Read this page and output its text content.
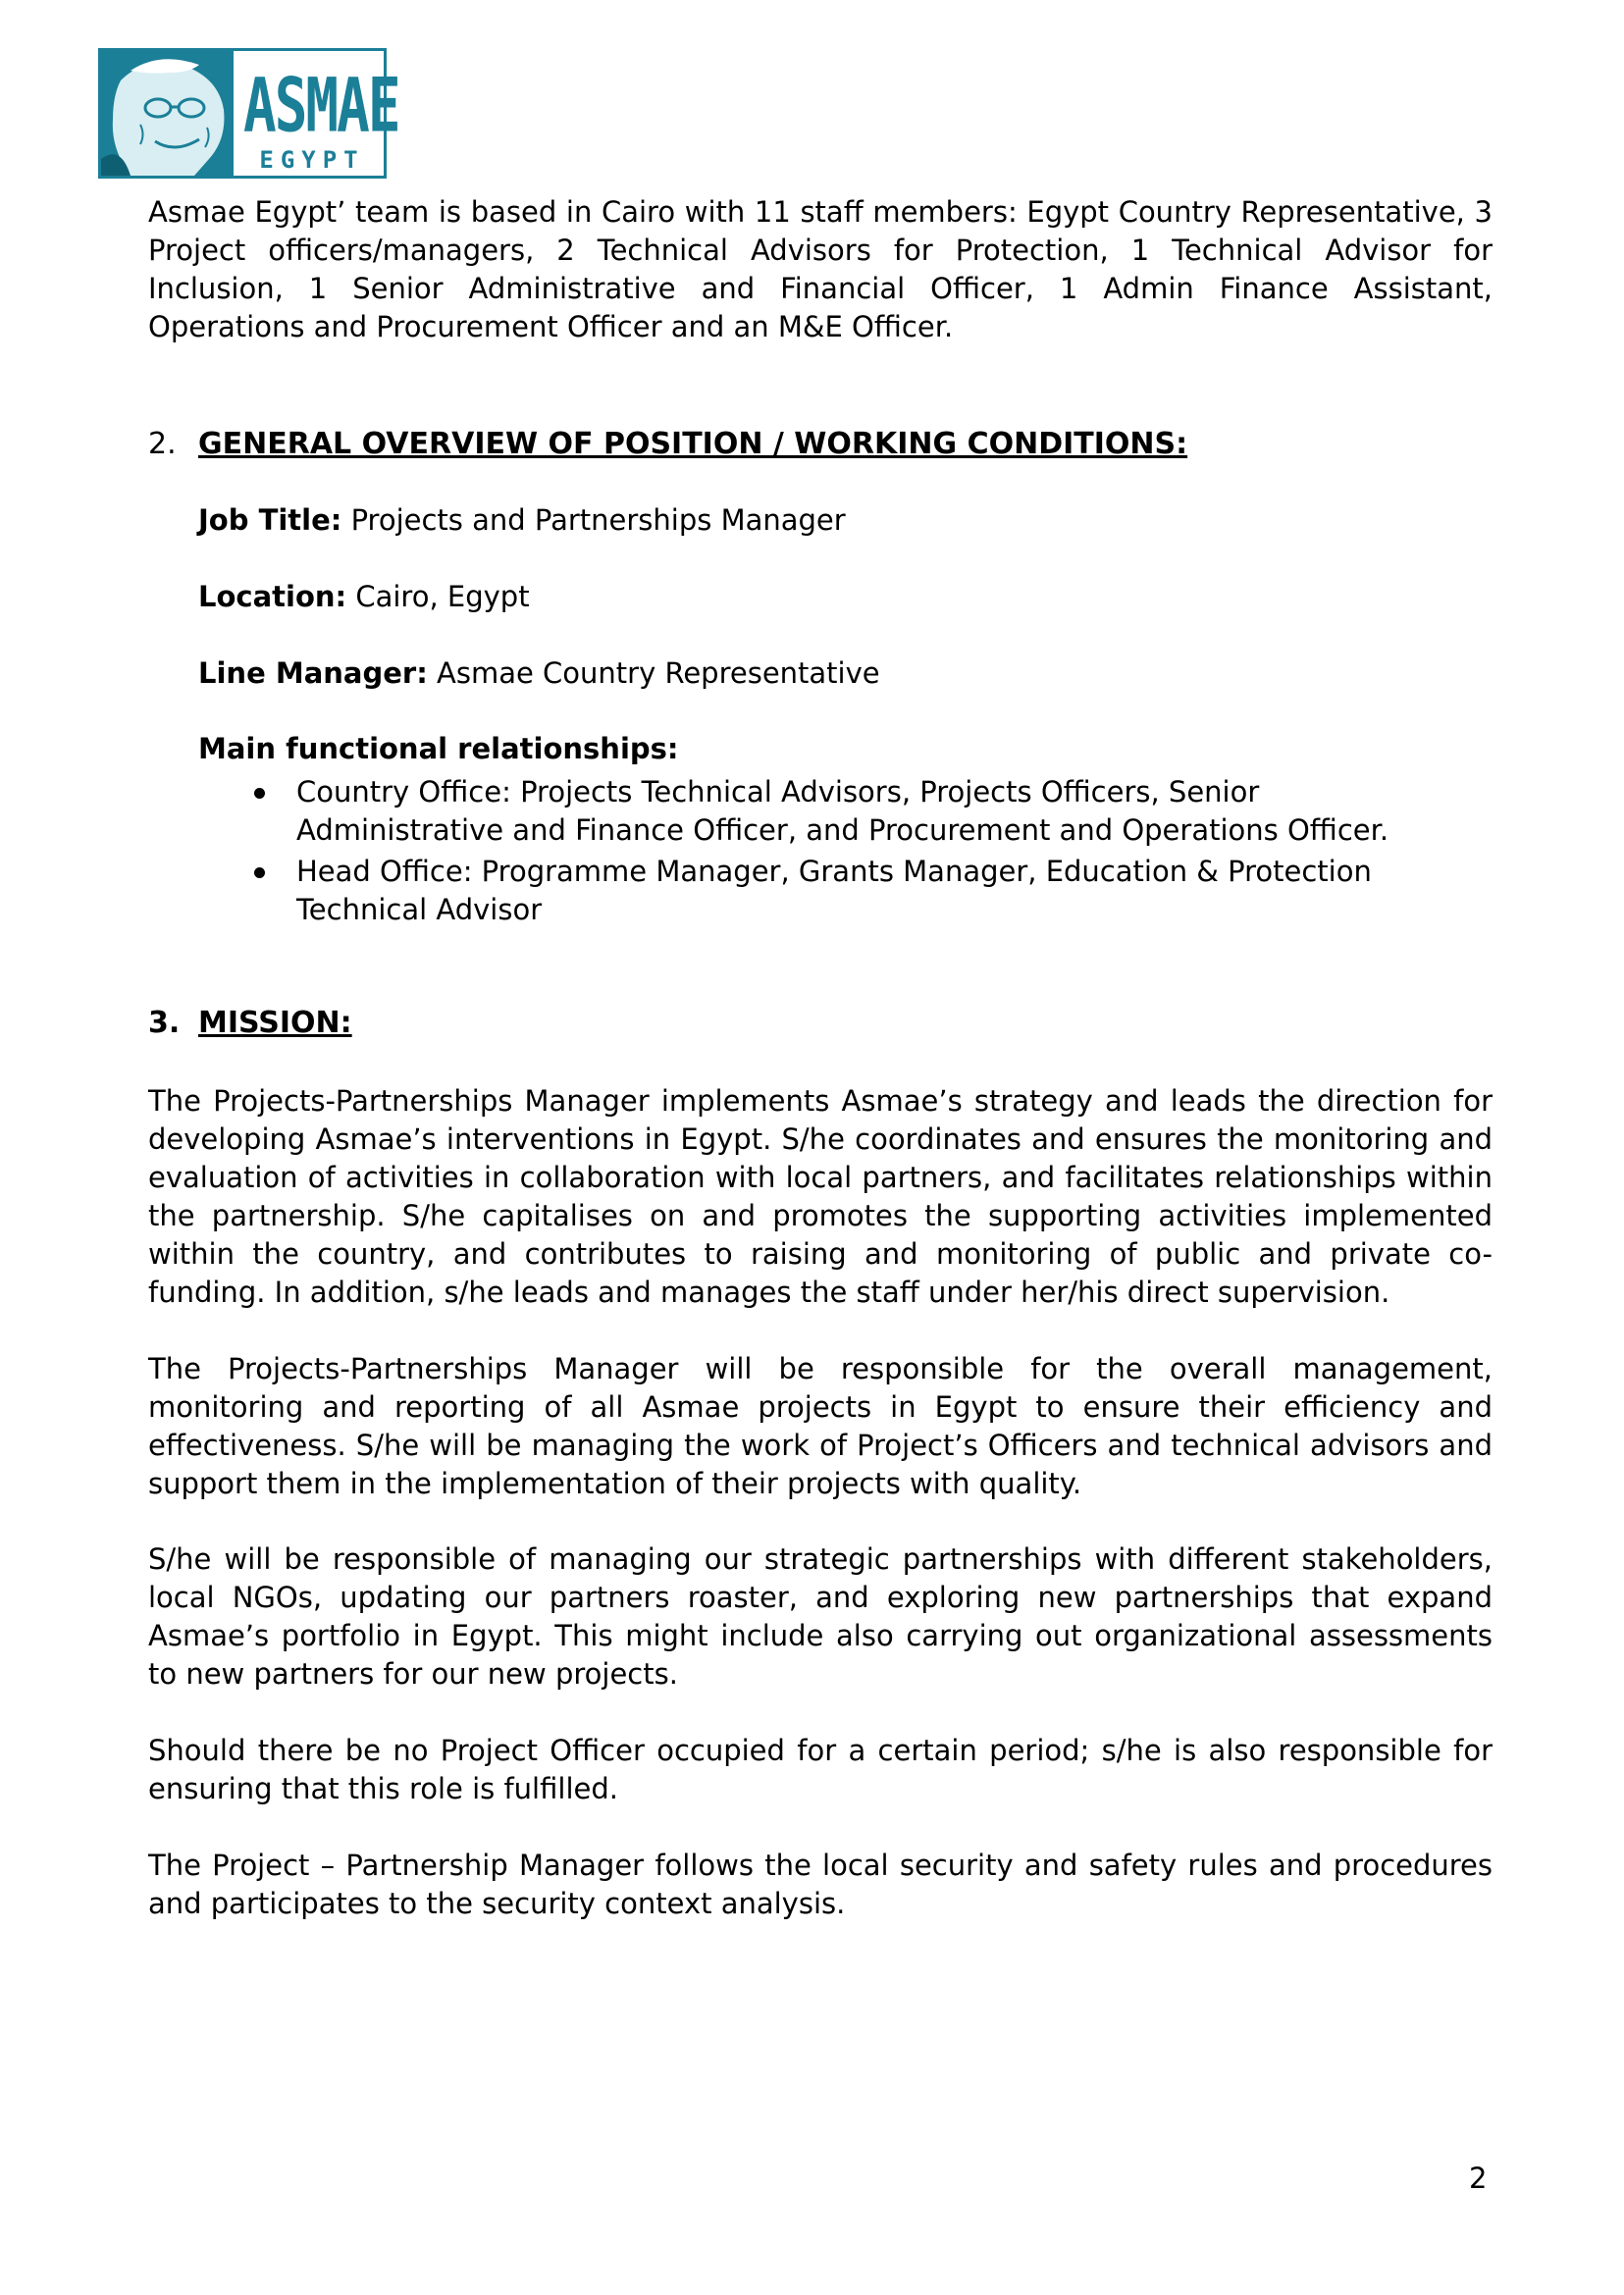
ASMAE
EGYPT

Asmae Egypt’ team is based in Cairo with 11 staff members: Egypt Country Representative, 3 Project officers/managers, 2 Technical Advisors for Protection, 1 Technical Advisor for Inclusion, 1 Senior Administrative and Financial Officer, 1 Admin Finance Assistant, Operations and Procurement Officer and an M&E Officer.

2. GENERAL OVERVIEW OF POSITION / WORKING CONDITIONS:
Job Title: Projects and Partnerships Manager
Location: Cairo, Egypt
Line Manager: Asmae Country Representative
Main functional relationships:
Country Office: Projects Technical Advisors, Projects Officers, Senior Administrative and Finance Officer, and Procurement and Operations Officer.
Head Office: Programme Manager, Grants Manager, Education & Protection Technical Advisor
3. MISSION:

The Projects-Partnerships Manager implements Asmae’s strategy and leads the direction for developing Asmae’s interventions in Egypt. S/he coordinates and ensures the monitoring and evaluation of activities in collaboration with local partners, and facilitates relationships within the partnership. S/he capitalises on and promotes the supporting activities implemented within the country, and contributes to raising and monitoring of public and private co-funding. In addition, s/he leads and manages the staff under her/his direct supervision.

The Projects-Partnerships Manager will be responsible for the overall management, monitoring and reporting of all Asmae projects in Egypt to ensure their efficiency and effectiveness. S/he will be managing the work of Project’s Officers and technical advisors and support them in the implementation of their projects with quality.

S/he will be responsible of managing our strategic partnerships with different stakeholders, local NGOs, updating our partners roaster, and exploring new partnerships that expand Asmae’s portfolio in Egypt. This might include also carrying out organizational assessments to new partners for our new projects.

Should there be no Project Officer occupied for a certain period; s/he is also responsible for ensuring that this role is fulfilled.

The Project – Partnership Manager follows the local security and safety rules and procedures and participates to the security context analysis.

2
